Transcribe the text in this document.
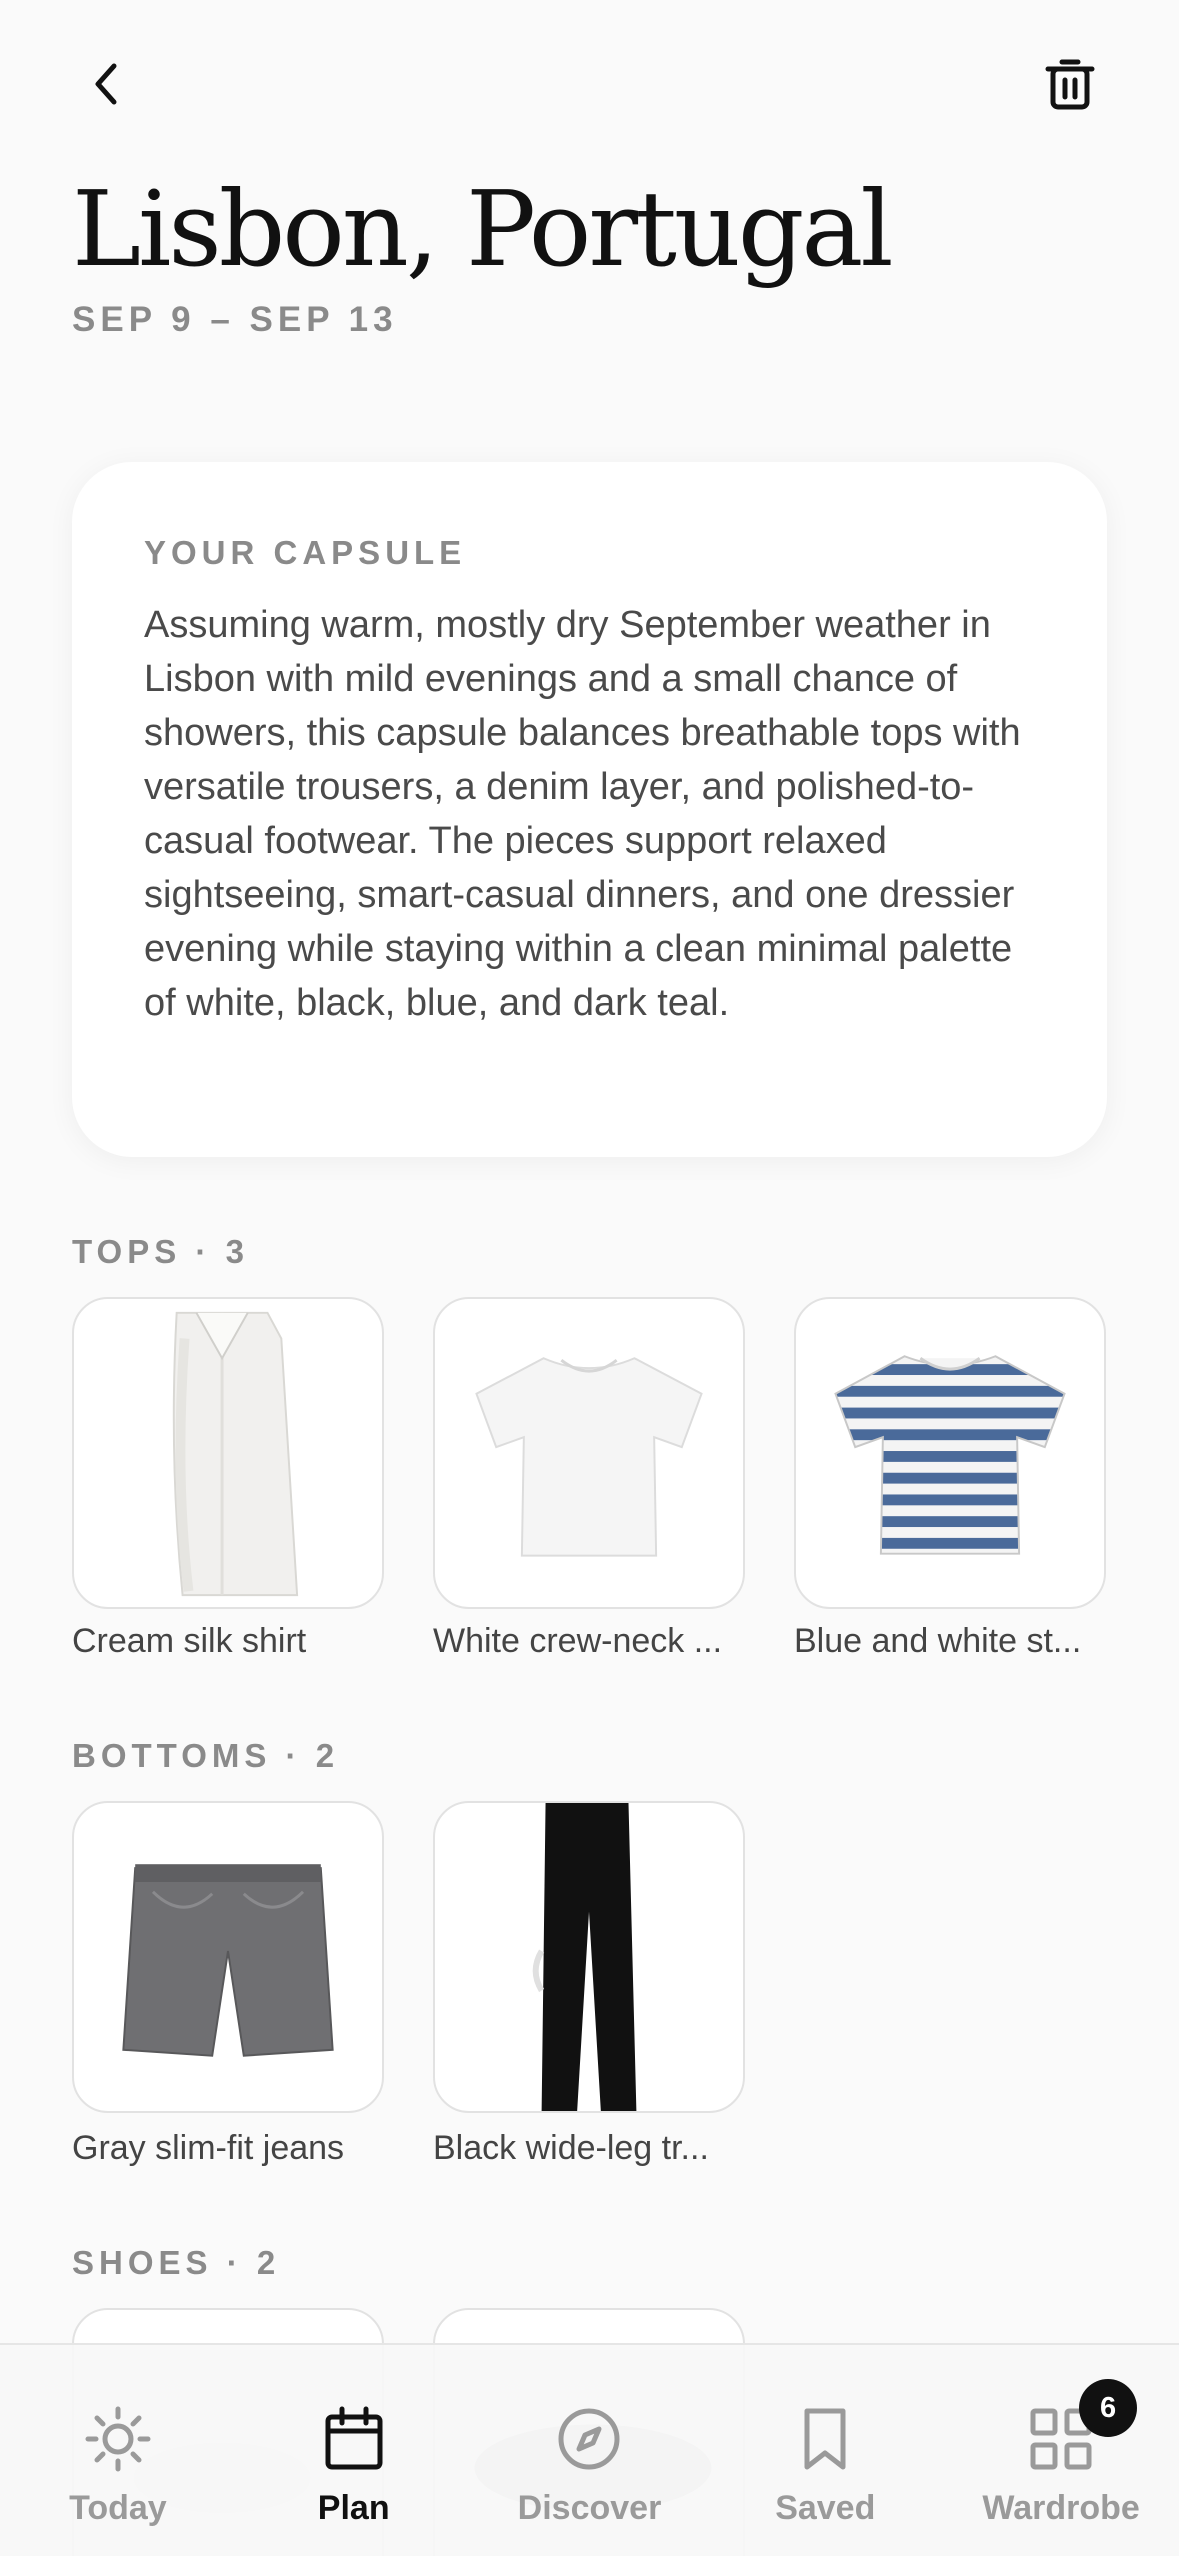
Lisbon, Portugal
SEP 9 – SEP 13
YOUR CAPSULE

Assuming warm, mostly dry September weather in Lisbon with mild evenings and a small chance of showers, this capsule balances breathable tops with versatile trousers, a denim layer, and polished-to-casual footwear. The pieces support relaxed sightseeing, smart-casual dinners, and one dressier evening while staying within a clean minimal palette of white, black, blue, and dark teal.

TOPS · 3
Cream silk shirt	White crew-neck ...	Blue and white st...
BOTTOMS · 2
Gray slim-fit jeans	Black wide-leg tr...
SHOES · 2
Today	Plan	Discover	Saved
6
Wardrobe
